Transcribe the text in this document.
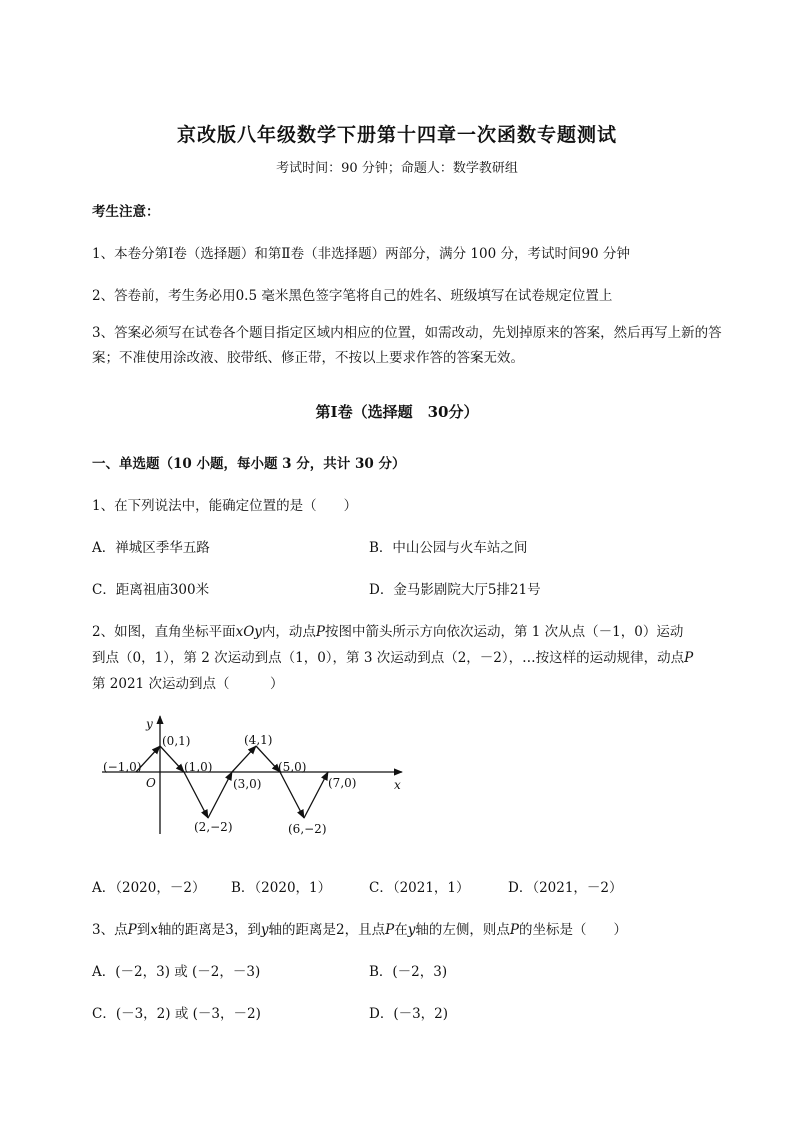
京改版八年级数学下册第十四章一次函数专题测试
考试时间：90 分钟；命题人：数学教研组
考生注意：
1、本卷分第Ⅰ卷（选择题）和第Ⅱ卷（非选择题）两部分，满分 100 分，考试时间90 分钟
2、答卷前，考生务必用0.5 毫米黑色签字笔将自己的姓名、班级填写在试卷规定位置上
3、答案必须写在试卷各个题目指定区域内相应的位置，如需改动，先划掉原来的答案，然后再写上新的答案；不准使用涂改液、胶带纸、修正带，不按以上要求作答的答案无效。
第Ⅰ卷（选择题　30分）
一、单选题（10 小题，每小题 3 分，共计 30 分）
1、在下列说法中，能确定位置的是（　　）
A．禅城区季华五路	B．中山公园与火车站之间
C．距离祖庙300米	D．金马影剧院大厅5排21号
2、如图，直角坐标平面xOy内，动点P按图中箭头所示方向依次运动，第 1 次从点（－1，0）运动
到点（0，1），第 2 次运动到点（1，0），第 3 次运动到点（2，－2），…按这样的运动规律，动点P
第 2021 次运动到点（　　　）
x
y
O
(−1,0)
(0,1)
(1,0)
(2,−2)
(3,0)
(4,1)
(5,0)
(6,−2)
(7,0)
A．（2020，－2） B．（2020，1）	C．（2021，1）	D．（2021，－2）
3、点P到x轴的距离是3，到y轴的距离是2，且点P在y轴的左侧，则点P的坐标是（　　）
A．(－2，3) 或 (－2，－3)	B．(－2，3)
C．(－3，2) 或 (－3，－2)	D．(－3，2)
